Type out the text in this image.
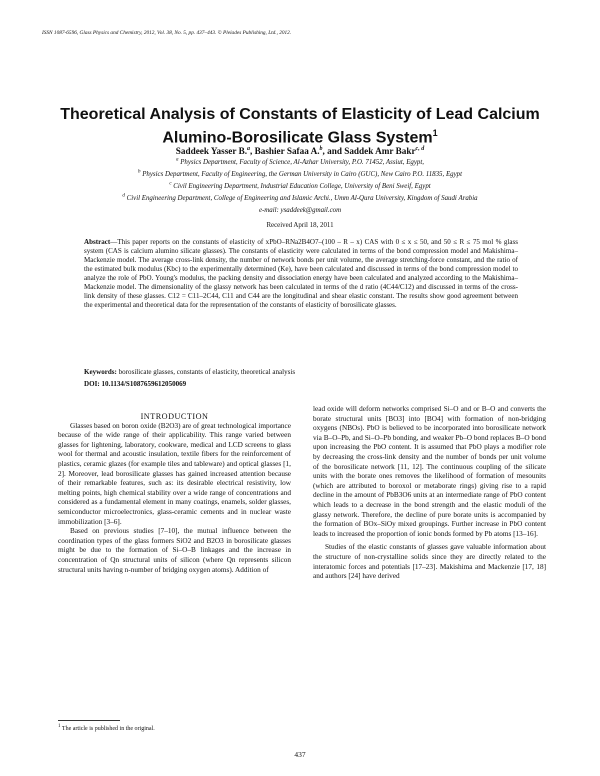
ISSN 1087-6596, Glass Physics and Chemistry, 2012, Vol. 38, No. 5, pp. 437–443. © Pleiades Publishing, Ltd., 2012.
Theoretical Analysis of Constants of Elasticity of Lead Calcium
Alumino-Borosilicate Glass System$^1$
Saddeek Yasser B.$^a$, Bashier Safaa A.$^b$, and Saddek Amr Bakr$^{c, d}$
$^a$ Physics Department, Faculty of Science, Al-Azhar University, P.O. 71452, Assiut, Egypt,
$^b$ Physics Department, Faculty of Engineering, the German University in Cairo (GUC), New Cairo P.O. 11835, Egypt
$^c$ Civil Engineering Department, Industrial Education College, University of Beni Sweif, Egypt
$^d$ Civil Engineering Department, College of Engineering and Islamic Archi., Umm Al-Qura University, Kingdom of Saudi Arabia
e-mail: ysaddeek@gmail.com
Received April 18, 2011
Abstract—This paper reports on the constants of elasticity of xPbO–RNa2B4O7–(100 – R – x) CAS with 0 ≤ x ≤ 50, and 50 ≤ R ≤ 75 mol % glass system (CAS is calcium alumino silicate glasses). The constants of elasticity were calculated in terms of the bond compression model and Makishima–Mackenzie model. The average cross-link density, the number of network bonds per unit volume, the average stretching-force constant, and the ratio of the estimated bulk modulus (Kbc) to the experimentally determined (Ke), have been calculated and discussed in terms of the bond compression model to analyze the role of PbO. Young's modulus, the packing density and dissociation energy have been calculated and analyzed according to the Makishima–Mackenzie model. The dimensionality of the glassy network has been calculated in terms of the d ratio (4C44/C12) and discussed in terms of the cross-link density of these glasses. C12 = C11–2C44, C11 and C44 are the longitudinal and shear elastic constant. The results show good agreement between the experimental and theoretical data for the representation of the constants of elasticity of borosilicate glasses.
Keywords: borosilicate glasses, constants of elasticity, theoretical analysis
DOI: 10.1134/S1087659612050069

INTRODUCTION

Glasses based on boron oxide (B2O3) are of great technological importance because of the wide range of their applicability. This range varied between glasses for lightening, laboratory, cookware, medical and LCD screens to glass wool for thermal and acoustic insulation, textile fibers for the reinforcement of plastics, ceramic glazes (for example tiles and tableware) and optical glasses [1, 2]. Moreover, lead borosilicate glasses has gained increased attention because of their remarkable features, such as: its desirable electrical resistivity, low melting points, high chemical stability over a wide range of concentrations and considered as a fundamental element in many coatings, enamels, solder glasses, semiconductor microelectronics, glass-ceramic cements and in nuclear waste immobilization [3–6].

Based on previous studies [7–10], the mutual influence between the coordination types of the glass formers SiO2 and B2O3 in borosilicate glasses might be due to the formation of Si–O–B linkages and the increase in concentration of Qn structural units of silicon (where Qn represents silicon structural units having n-number of bridging oxygen atoms). Addition of

lead oxide will deform networks comprised Si–O and or B–O and converts the borate structural units [BO3] into [BO4] with formation of non-bridging oxygens (NBOs). PbO is believed to be incorporated into borosilicate network via B–O–Pb, and Si–O–Pb bonding, and weaker Pb–O bond replaces B–O bond upon increasing the PbO content. It is assumed that PbO plays a modifier role by decreasing the cross-link density and the number of bonds per unit volume of the borosilicate network [11, 12]. The continuous coupling of the silicate units with the borate ones removes the likelihood of formation of mesounits (which are attributed to boroxol or metaborate rings) giving rise to a rapid decline in the amount of PbB3O6 units at an intermediate range of PbO content which leads to a decrease in the bond strength and the elastic moduli of the glassy network. Therefore, the decline of pure borate units is accompanied by the formation of BOx–SiOy mixed groupings. Further increase in PbO content leads to increased the proportion of ionic bonds formed by Pb atoms [13–16].

Studies of the elastic constants of glasses gave valuable information about the structure of non-crystalline solids since they are directly related to the interatomic forces and potentials [17–23]. Makishima and Mackenzie [17, 18] and authors [24] have derived

$^1$ The article is published in the original.
437
